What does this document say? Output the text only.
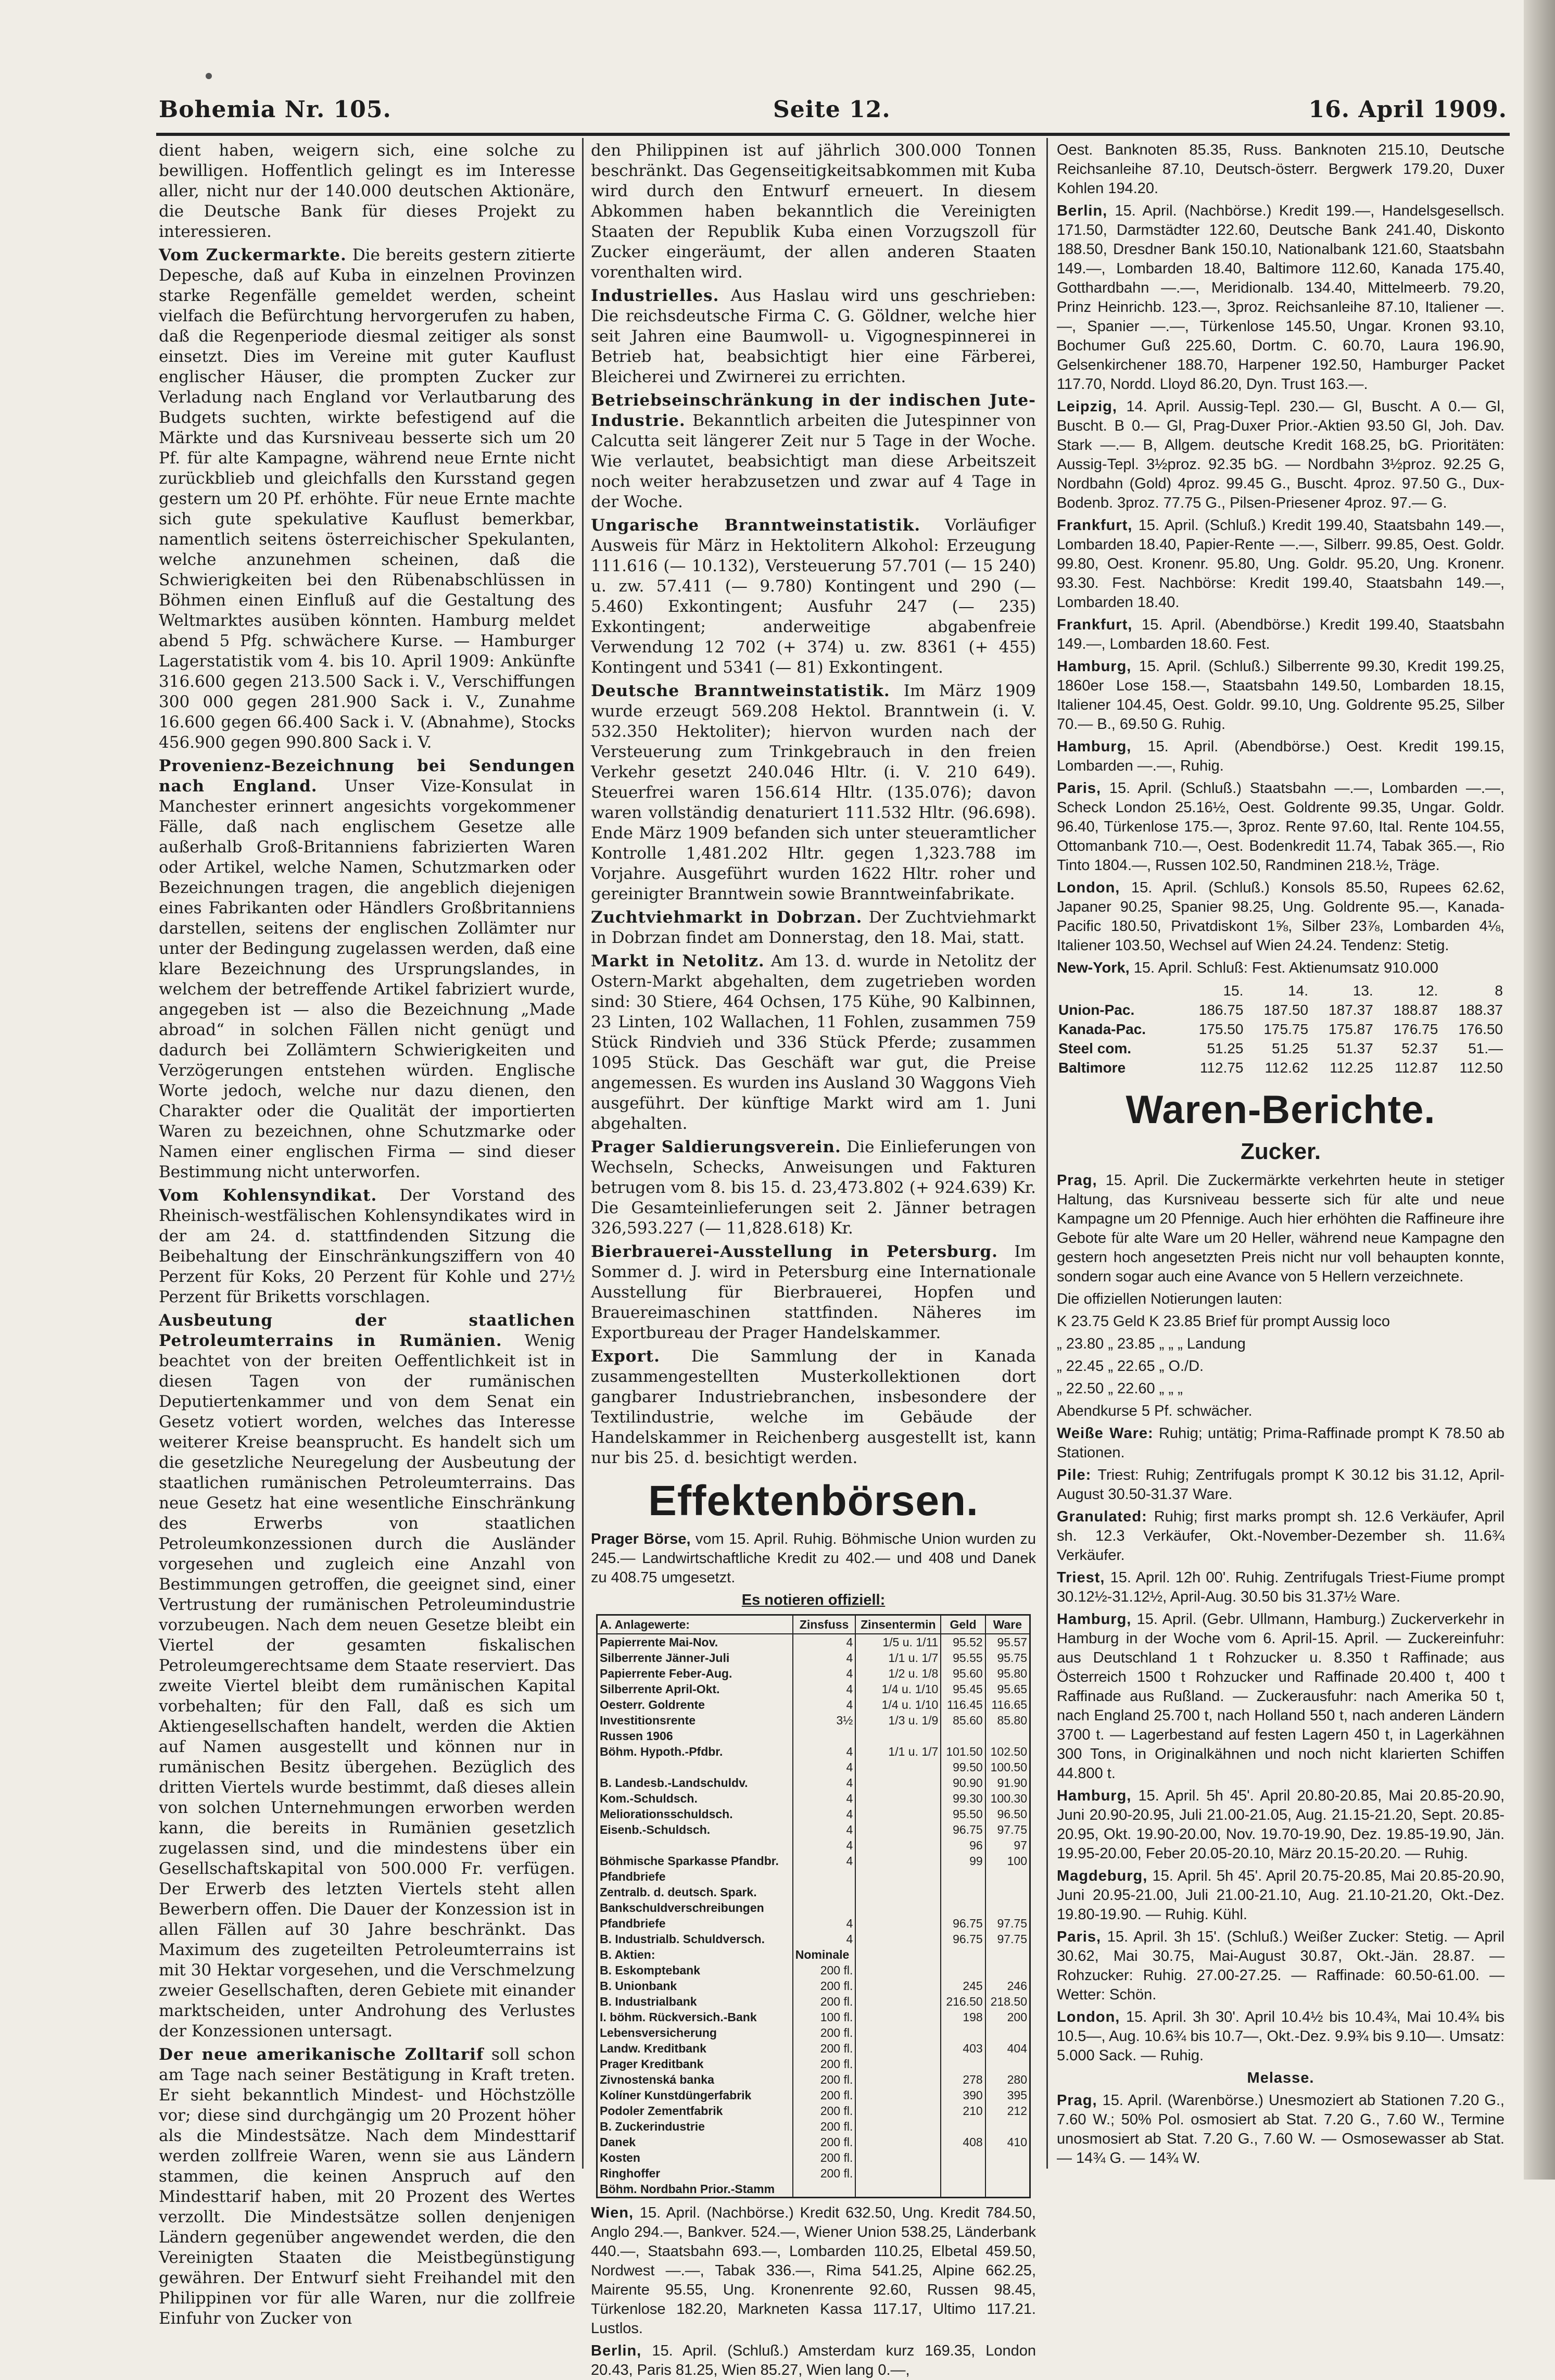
Bohemia Nr. 105.	Seite 12.	16. April 1909.

dient haben, weigern sich, eine solche zu bewilligen. Hoffentlich gelingt es im Interesse aller, nicht nur der 140.000 deutschen Aktionäre, die Deutsche Bank für dieses Projekt zu interessieren.

Vom Zuckermarkte. Die bereits gestern zitierte Depesche, daß auf Kuba in einzelnen Provinzen starke Regenfälle gemeldet werden, scheint vielfach die Befürchtung hervorgerufen zu haben, daß die Regenperiode diesmal zeitiger als sonst einsetzt. Dies im Vereine mit guter Kauflust englischer Häuser, die prompten Zucker zur Verladung nach England vor Verlautbarung des Budgets suchten, wirkte befestigend auf die Märkte und das Kursniveau besserte sich um 20 Pf. für alte Kampagne, während neue Ernte nicht zurückblieb und gleichfalls den Kursstand gegen gestern um 20 Pf. erhöhte. Für neue Ernte machte sich gute spekulative Kauflust bemerkbar, namentlich seitens österreichischer Spekulanten, welche anzunehmen scheinen, daß die Schwierigkeiten bei den Rübenabschlüssen in Böhmen einen Einfluß auf die Gestaltung des Weltmarktes ausüben könnten. Hamburg meldet abend 5 Pfg. schwächere Kurse. — Hamburger Lagerstatistik vom 4. bis 10. April 1909: Ankünfte 316.600 gegen 213.500 Sack i. V., Verschiffungen 300 000 gegen 281.900 Sack i. V., Zunahme 16.600 gegen 66.400 Sack i. V. (Abnahme), Stocks 456.900 gegen 990.800 Sack i. V.

Provenienz-Bezeichnung bei Sendungen nach England. Unser Vize-Konsulat in Manchester erinnert angesichts vorgekommener Fälle, daß nach englischem Gesetze alle außerhalb Groß-Britanniens fabrizierten Waren oder Artikel, welche Namen, Schutzmarken oder Bezeichnungen tragen, die angeblich diejenigen eines Fabrikanten oder Händlers Großbritanniens darstellen, seitens der englischen Zollämter nur unter der Bedingung zugelassen werden, daß eine klare Bezeichnung des Ursprungslandes, in welchem der betreffende Artikel fabriziert wurde, angegeben ist — also die Bezeichnung „Made abroad“ in solchen Fällen nicht genügt und dadurch bei Zollämtern Schwierigkeiten und Verzögerungen entstehen würden. Englische Worte jedoch, welche nur dazu dienen, den Charakter oder die Qualität der importierten Waren zu bezeichnen, ohne Schutzmarke oder Namen einer englischen Firma — sind dieser Bestimmung nicht unterworfen.

Vom Kohlensyndikat. Der Vorstand des Rheinisch-westfälischen Kohlensyndikates wird in der am 24. d. stattfindenden Sitzung die Beibehaltung der Einschränkungsziffern von 40 Perzent für Koks, 20 Perzent für Kohle und 27½ Perzent für Briketts vorschlagen.

Ausbeutung der staatlichen Petroleumterrains in Rumänien. Wenig beachtet von der breiten Oeffentlichkeit ist in diesen Tagen von der rumänischen Deputiertenkammer und von dem Senat ein Gesetz votiert worden, welches das Interesse weiterer Kreise beansprucht. Es handelt sich um die gesetzliche Neuregelung der Ausbeutung der staatlichen rumänischen Petroleumterrains. Das neue Gesetz hat eine wesentliche Einschränkung des Erwerbs von staatlichen Petroleumkonzessionen durch die Ausländer vorgesehen und zugleich eine Anzahl von Bestimmungen getroffen, die geeignet sind, einer Vertrustung der rumänischen Petroleumindustrie vorzubeugen. Nach dem neuen Gesetze bleibt ein Viertel der gesamten fiskalischen Petroleumgerechtsame dem Staate reserviert. Das zweite Viertel bleibt dem rumänischen Kapital vorbehalten; für den Fall, daß es sich um Aktiengesellschaften handelt, werden die Aktien auf Namen ausgestellt und können nur in rumänischen Besitz übergehen. Bezüglich des dritten Viertels wurde bestimmt, daß dieses allein von solchen Unternehmungen erworben werden kann, die bereits in Rumänien gesetzlich zugelassen sind, und die mindestens über ein Gesellschaftskapital von 500.000 Fr. verfügen. Der Erwerb des letzten Viertels steht allen Bewerbern offen. Die Dauer der Konzession ist in allen Fällen auf 30 Jahre beschränkt. Das Maximum des zugeteilten Petroleumterrains ist mit 30 Hektar vorgesehen, und die Verschmelzung zweier Gesellschaften, deren Gebiete mit einander marktscheiden, unter Androhung des Verlustes der Konzessionen untersagt.

Der neue amerikanische Zolltarif soll schon am Tage nach seiner Bestätigung in Kraft treten. Er sieht bekanntlich Mindest- und Höchstzölle vor; diese sind durchgängig um 20 Prozent höher als die Mindestsätze. Nach dem Mindesttarif werden zollfreie Waren, wenn sie aus Ländern stammen, die keinen Anspruch auf den Mindesttarif haben, mit 20 Prozent des Wertes verzollt. Die Mindestsätze sollen denjenigen Ländern gegenüber angewendet werden, die den Vereinigten Staaten die Meistbegünstigung gewähren. Der Entwurf sieht Freihandel mit den Philippinen vor für alle Waren, nur die zollfreie Einfuhr von Zucker von

den Philippinen ist auf jährlich 300.000 Tonnen beschränkt. Das Gegenseitigkeitsabkommen mit Kuba wird durch den Entwurf erneuert. In diesem Abkommen haben bekanntlich die Vereinigten Staaten der Republik Kuba einen Vorzugszoll für Zucker eingeräumt, der allen anderen Staaten vorenthalten wird.

Industrielles. Aus Haslau wird uns geschrieben: Die reichsdeutsche Firma C. G. Göldner, welche hier seit Jahren eine Baumwoll- u. Vigognespinnerei in Betrieb hat, beabsichtigt hier eine Färberei, Bleicherei und Zwirnerei zu errichten.

Betriebseinschränkung in der indischen Jute-Industrie. Bekanntlich arbeiten die Jutespinner von Calcutta seit längerer Zeit nur 5 Tage in der Woche. Wie verlautet, beabsichtigt man diese Arbeitszeit noch weiter herabzusetzen und zwar auf 4 Tage in der Woche.

Ungarische Branntweinstatistik. Vorläufiger Ausweis für März in Hektolitern Alkohol: Erzeugung 111.616 (— 10.132), Versteuerung 57.701 (— 15 240) u. zw. 57.411 (— 9.780) Kontingent und 290 (— 5.460) Exkontingent; Ausfuhr 247 (— 235) Exkontingent; anderweitige abgabenfreie Verwendung 12 702 (+ 374) u. zw. 8361 (+ 455) Kontingent und 5341 (— 81) Exkontingent.

Deutsche Branntweinstatistik. Im März 1909 wurde erzeugt 569.208 Hektol. Branntwein (i. V. 532.350 Hektoliter); hiervon wurden nach der Versteuerung zum Trinkgebrauch in den freien Verkehr gesetzt 240.046 Hltr. (i. V. 210 649). Steuerfrei waren 156.614 Hltr. (135.076); davon waren vollständig denaturiert 111.532 Hltr. (96.698). Ende März 1909 befanden sich unter steueramtlicher Kontrolle 1,481.202 Hltr. gegen 1,323.788 im Vorjahre. Ausgeführt wurden 1622 Hltr. roher und gereinigter Branntwein sowie Branntweinfabrikate.

Zuchtviehmarkt in Dobrzan. Der Zuchtviehmarkt in Dobrzan findet am Donnerstag, den 18. Mai, statt.

Markt in Netolitz. Am 13. d. wurde in Netolitz der Ostern-Markt abgehalten, dem zugetrieben worden sind: 30 Stiere, 464 Ochsen, 175 Kühe, 90 Kalbinnen, 23 Linten, 102 Wallachen, 11 Fohlen, zusammen 759 Stück Rindvieh und 336 Stück Pferde; zusammen 1095 Stück. Das Geschäft war gut, die Preise angemessen. Es wurden ins Ausland 30 Waggons Vieh ausgeführt. Der künftige Markt wird am 1. Juni abgehalten.

Prager Saldierungsverein. Die Einlieferungen von Wechseln, Schecks, Anweisungen und Fakturen betrugen vom 8. bis 15. d. 23,473.802 (+ 924.639) Kr. Die Gesamteinlieferungen seit 2. Jänner betragen 326,593.227 (— 11,828.618) Kr.

Bierbrauerei-Ausstellung in Petersburg. Im Sommer d. J. wird in Petersburg eine Internationale Ausstellung für Bierbrauerei, Hopfen und Brauereimaschinen stattfinden. Näheres im Exportbureau der Prager Handelskammer.

Export. Die Sammlung der in Kanada zusammengestellten Musterkollektionen dort gangbarer Industriebranchen, insbesondere der Textilindustrie, welche im Gebäude der Handelskammer in Reichenberg ausgestellt ist, kann nur bis 25. d. besichtigt werden.

Effektenbörsen.

Prager Börse, vom 15. April. Ruhig. Böhmische Union wurden zu 245.— Landwirtschaftliche Kredit zu 402.— und 408 und Danek zu 408.75 umgesetzt.

Es notieren offiziell:

A. Anlagewerte:	Zinsfuss	Zinsentermin	Geld	Ware
Papierrente Mai-Nov.	4	1/5 u. 1/11	95.52	95.57
Silberrente Jänner-Juli	4	1/1 u. 1/7	95.55	95.75
Papierrente Feber-Aug.	4	1/2 u. 1/8	95.60	95.80
Silberrente April-Okt.	4	1/4 u. 1/10	95.45	95.65
Oesterr. Goldrente	4	1/4 u. 1/10	116.45	116.65
Investitionsrente	3½	1/3 u. 1/9	85.60	85.80
Russen 1906				
Böhm. Hypoth.-Pfdbr.	4	1/1 u. 1/7	101.50	102.50
	4		99.50	100.50
B. Landesb.-Landschuldv.	4		90.90	91.90
Kom.-Schuldsch.	4		99.30	100.30
Meliorationsschuldsch.	4		95.50	96.50
Eisenb.-Schuldsch.	4		96.75	97.75
	4		96	97
Böhmische Sparkasse Pfandbr.	4		99	100
Pfandbriefe				
Zentralb. d. deutsch. Spark.				
Bankschuldverschreibungen				
Pfandbriefe	4		96.75	97.75
B. Industrialb. Schuldversch.	4		96.75	97.75
B. Aktien:	Nominale			
B. Eskomptebank	200 fl.			
B. Unionbank	200 fl.		245	246
B. Industrialbank	200 fl.		216.50	218.50
I. böhm. Rückversich.-Bank	100 fl.		198	200
Lebensversicherung	200 fl.			
Landw. Kreditbank	200 fl.		403	404
Prager Kreditbank	200 fl.			
Zivnostenská banka	200 fl.		278	280
Kolíner Kunstdüngerfabrik	200 fl.		390	395
Podoler Zementfabrik	200 fl.		210	212
B. Zuckerindustrie	200 fl.			
Danek	200 fl.		408	410
Kosten	200 fl.			
Ringhoffer	200 fl.			
Böhm. Nordbahn Prior.-Stamm				

Wien, 15. April. (Nachbörse.) Kredit 632.50, Ung. Kredit 784.50, Anglo 294.—, Bankver. 524.—, Wiener Union 538.25, Länderbank 440.—, Staatsbahn 693.—, Lombarden 110.25, Elbetal 459.50, Nordwest —.—, Tabak 336.—, Rima 541.25, Alpine 662.25, Mairente 95.55, Ung. Kronenrente 92.60, Russen 98.45, Türkenlose 182.20, Markneten Kassa 117.17, Ultimo 117.21. Lustlos.

Berlin, 15. April. (Schluß.) Amsterdam kurz 169.35, London 20.43, Paris 81.25, Wien 85.27, Wien lang 0.—,

Oest. Banknoten 85.35, Russ. Banknoten 215.10, Deutsche Reichsanleihe 87.10, Deutsch-österr. Bergwerk 179.20, Duxer Kohlen 194.20.

Berlin, 15. April. (Nachbörse.) Kredit 199.—, Handelsgesellsch. 171.50, Darmstädter 122.60, Deutsche Bank 241.40, Diskonto 188.50, Dresdner Bank 150.10, Nationalbank 121.60, Staatsbahn 149.—, Lombarden 18.40, Baltimore 112.60, Kanada 175.40, Gotthardbahn —.—, Meridionalb. 134.40, Mittelmeerb. 79.20, Prinz Heinrichb. 123.—, 3proz. Reichsanleihe 87.10, Italiener —.—, Spanier —.—, Türkenlose 145.50, Ungar. Kronen 93.10, Bochumer Guß 225.60, Dortm. C. 60.70, Laura 196.90, Gelsenkirchener 188.70, Harpener 192.50, Hamburger Packet 117.70, Nordd. Lloyd 86.20, Dyn. Trust 163.—.

Leipzig, 14. April. Aussig-Tepl. 230.— Gl, Buscht. A 0.— Gl, Buscht. B 0.— Gl, Prag-Duxer Prior.-Aktien 93.50 Gl, Joh. Dav. Stark —.— B, Allgem. deutsche Kredit 168.25, bG. Prioritäten: Aussig-Tepl. 3½proz. 92.35 bG. — Nordbahn 3½proz. 92.25 G, Nordbahn (Gold) 4proz. 99.45 G., Buscht. 4proz. 97.50 G., Dux-Bodenb. 3proz. 77.75 G., Pilsen-Priesener 4proz. 97.— G.

Frankfurt, 15. April. (Schluß.) Kredit 199.40, Staatsbahn 149.—, Lombarden 18.40, Papier-Rente —.—, Silberr. 99.85, Oest. Goldr. 99.80, Oest. Kronenr. 95.80, Ung. Goldr. 95.20, Ung. Kronenr. 93.30. Fest. Nachbörse: Kredit 199.40, Staatsbahn 149.—, Lombarden 18.40.

Frankfurt, 15. April. (Abendbörse.) Kredit 199.40, Staatsbahn 149.—, Lombarden 18.60. Fest.

Hamburg, 15. April. (Schluß.) Silberrente 99.30, Kredit 199.25, 1860er Lose 158.—, Staatsbahn 149.50, Lombarden 18.15, Italiener 104.45, Oest. Goldr. 99.10, Ung. Goldrente 95.25, Silber 70.— B., 69.50 G. Ruhig.

Hamburg, 15. April. (Abendbörse.) Oest. Kredit 199.15, Lombarden —.—, Ruhig.

Paris, 15. April. (Schluß.) Staatsbahn —.—, Lombarden —.—, Scheck London 25.16½, Oest. Goldrente 99.35, Ungar. Goldr. 96.40, Türkenlose 175.—, 3proz. Rente 97.60, Ital. Rente 104.55, Ottomanbank 710.—, Oest. Bodenkredit 11.74, Tabak 365.—, Rio Tinto 1804.—, Russen 102.50, Randminen 218.½, Träge.

London, 15. April. (Schluß.) Konsols 85.50, Rupees 62.62, Japaner 90.25, Spanier 98.25, Ung. Goldrente 95.—, Kanada-Pacific 180.50, Privatdiskont 1⅝, Silber 23⅞, Lombarden 4⅛, Italiener 103.50, Wechsel auf Wien 24.24. Tendenz: Stetig.

New-York, 15. April. Schluß: Fest. Aktienumsatz 910.000

	15.	14.	13.	12.	8
Union-Pac.	186.75	187.50	187.37	188.87	188.37
Kanada-Pac.	175.50	175.75	175.87	176.75	176.50
Steel com.	51.25	51.25	51.37	52.37	51.—
Baltimore	112.75	112.62	112.25	112.87	112.50
Waren-Berichte.
Zucker.

Prag, 15. April. Die Zuckermärkte verkehrten heute in stetiger Haltung, das Kursniveau besserte sich für alte und neue Kampagne um 20 Pfennige. Auch hier erhöhten die Raffineure ihre Gebote für alte Ware um 20 Heller, während neue Kampagne den gestern hoch angesetzten Preis nicht nur voll behaupten konnte, sondern sogar auch eine Avance von 5 Hellern verzeichnete.

Die offiziellen Notierungen lauten:

K 23.75 Geld K 23.85 Brief für prompt Aussig loco

„ 23.80 „ 23.85 „ „ „ Landung

„ 22.45 „ 22.65 „ O./D.

„ 22.50 „ 22.60 „ „ „

Abendkurse 5 Pf. schwächer.

Weiße Ware: Ruhig; untätig; Prima-Raffinade prompt K 78.50 ab Stationen.

Pile: Triest: Ruhig; Zentrifugals prompt K 30.12 bis 31.12, April-August 30.50-31.37 Ware.

Granulated: Ruhig; first marks prompt sh. 12.6 Verkäufer, April sh. 12.3 Verkäufer, Okt.-November-Dezember sh. 11.6¾ Verkäufer.

Triest, 15. April. 12h 00'. Ruhig. Zentrifugals Triest-Fiume prompt 30.12½-31.12½, April-Aug. 30.50 bis 31.37½ Ware.

Hamburg, 15. April. (Gebr. Ullmann, Hamburg.) Zuckerverkehr in Hamburg in der Woche vom 6. April-15. April. — Zuckereinfuhr: aus Deutschland 1 t Rohzucker u. 8.350 t Raffinade; aus Österreich 1500 t Rohzucker und Raffinade 20.400 t, 400 t Raffinade aus Rußland. — Zuckerausfuhr: nach Amerika 50 t, nach England 25.700 t, nach Holland 550 t, nach anderen Ländern 3700 t. — Lagerbestand auf festen Lagern 450 t, in Lagerkähnen 300 Tons, in Originalkähnen und noch nicht klarierten Schiffen 44.800 t.

Hamburg, 15. April. 5h 45'. April 20.80-20.85, Mai 20.85-20.90, Juni 20.90-20.95, Juli 21.00-21.05, Aug. 21.15-21.20, Sept. 20.85-20.95, Okt. 19.90-20.00, Nov. 19.70-19.90, Dez. 19.85-19.90, Jän. 19.95-20.00, Feber 20.05-20.10, März 20.15-20.20. — Ruhig.

Magdeburg, 15. April. 5h 45'. April 20.75-20.85, Mai 20.85-20.90, Juni 20.95-21.00, Juli 21.00-21.10, Aug. 21.10-21.20, Okt.-Dez. 19.80-19.90. — Ruhig. Kühl.

Paris, 15. April. 3h 15'. (Schluß.) Weißer Zucker: Stetig. — April 30.62, Mai 30.75, Mai-August 30.87, Okt.-Jän. 28.87. — Rohzucker: Ruhig. 27.00-27.25. — Raffinade: 60.50-61.00. — Wetter: Schön.

London, 15. April. 3h 30'. April 10.4½ bis 10.4¾, Mai 10.4¾ bis 10.5—, Aug. 10.6¾ bis 10.7—, Okt.-Dez. 9.9¾ bis 9.10—. Umsatz: 5.000 Sack. — Ruhig.

Melasse.

Prag, 15. April. (Warenbörse.) Unesmoziert ab Stationen 7.20 G., 7.60 W.; 50% Pol. osmosiert ab Stat. 7.20 G., 7.60 W., Termine unosmosiert ab Stat. 7.20 G., 7.60 W. — Osmosewasser ab Stat. — 14¾ G. — 14¾ W.
